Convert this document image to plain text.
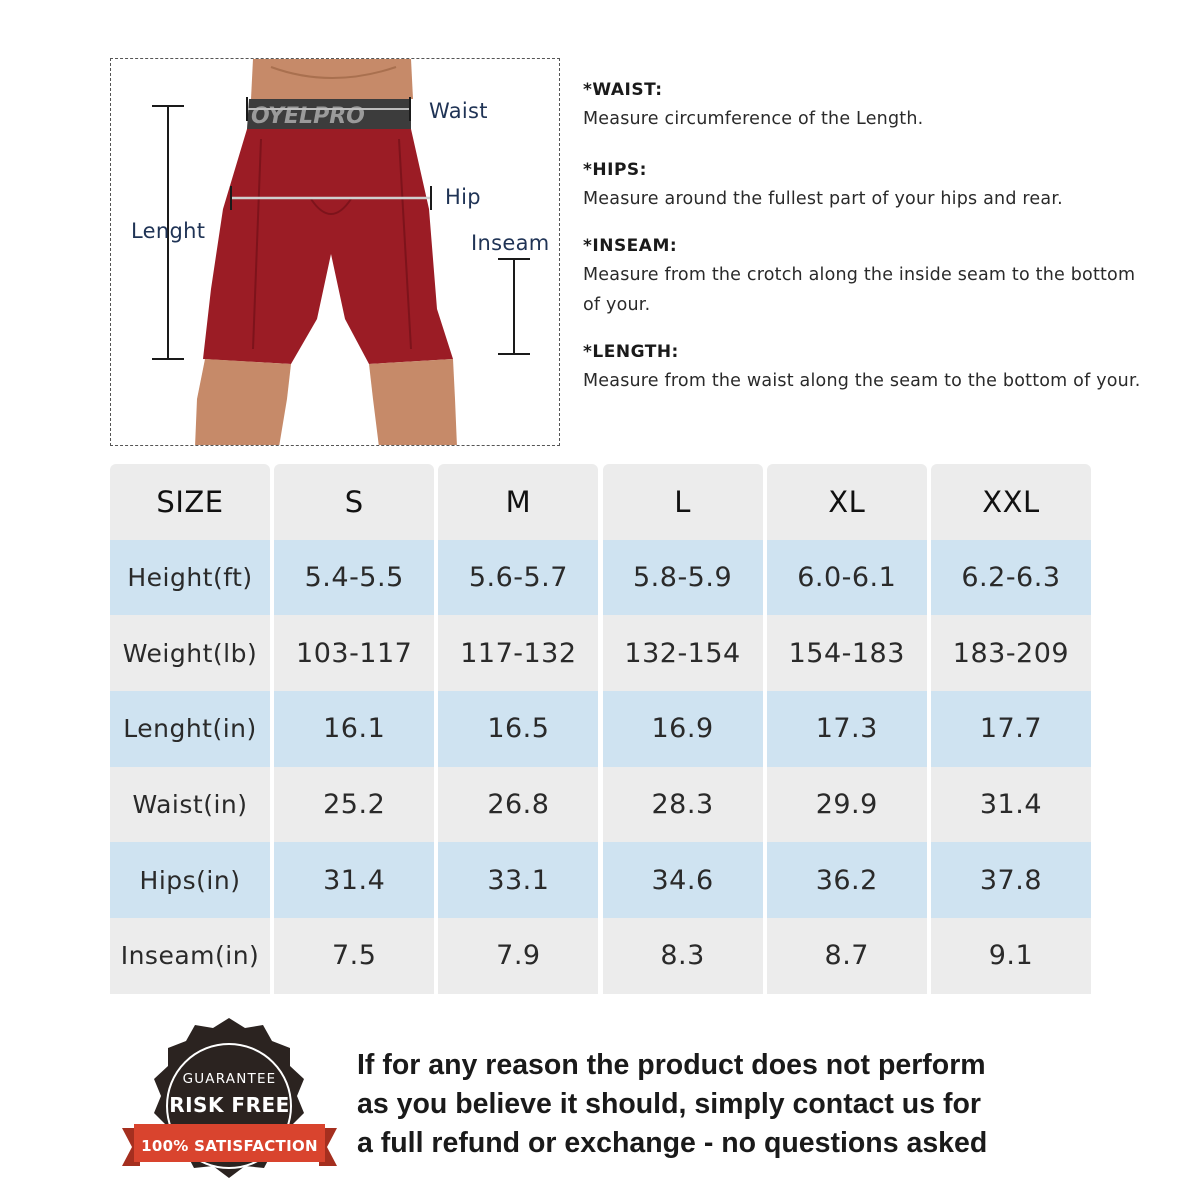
OYELPRO	Waist
Hip
Inseam
Lenght
*WAIST:
Measure circumference of the Length.
*HIPS:
Measure around the fullest part of your hips and rear.
*INSEAM:
Measure from the crotch along the inside seam to the bottom of your.
*LENGTH:
Measure from the waist along the seam to the bottom of your.
SIZE	S	M	L	XL	XXL
Height(ft)	5.4-5.5	5.6-5.7	5.8-5.9	6.0-6.1	6.2-6.3
Weight(lb)	103-117	117-132	132-154	154-183	183-209
Lenght(in)	16.1	16.5	16.9	17.3	17.7
Waist(in)	25.2	26.8	28.3	29.9	31.4
Hips(in)	31.4	33.1	34.6	36.2	37.8
Inseam(in)	7.5	7.9	8.3	8.7	9.1
GUARANTEE
RISK FREE
100% SATISFACTION
If for any reason the product does not perform
as you believe it should, simply contact us for
a full refund or exchange - no questions asked
